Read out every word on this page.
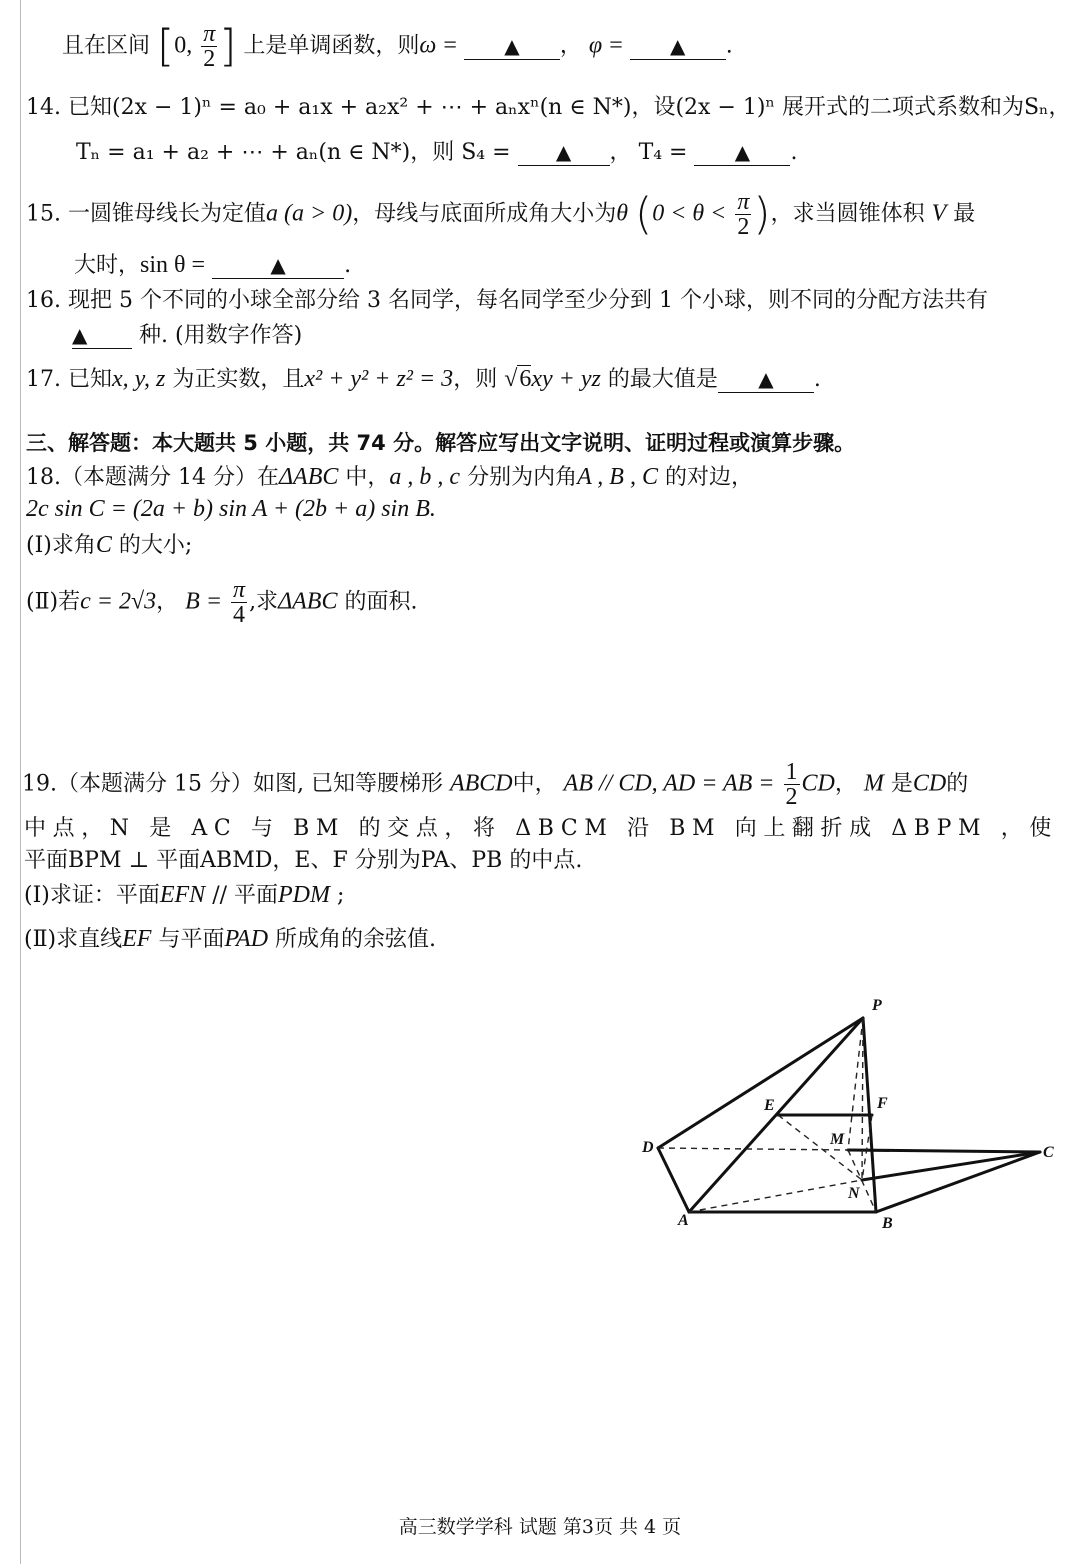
且在区间 [0, $\frac{\pi}{2}$ ] 上是单调函数，则ω = ▲ ， φ = ▲ .
14. 已知(2x − 1)ⁿ = a₀ + a₁x + a₂x² + ⋯ + aₙxⁿ(n ∈ N*)，设(2x − 1)ⁿ 展开式的二项式系数和为Sₙ，
Tₙ = a₁ + a₂ + ⋯ + aₙ(n ∈ N*)，则 S₄ = ▲ ， T₄ = ▲ .
15. 一圆锥母线长为定值a (a > 0)，母线与底面所成角大小为θ ($0 < \theta < \frac{\pi}{2}$ )，求当圆锥体积 V 最
大时，sin θ =	▲	.
16. 现把 5 个不同的小球全部分给 3 名同学，每名同学至少分到 1 个小球，则不同的分配方法共有
▲ 种. (用数字作答)
17. 已知x, y, z 为正实数，且x² + y² + z² = 3，则 √6xy + yz 的最大值是 ▲ .
三、解答题：本大题共 5 小题，共 74 分。解答应写出文字说明、证明过程或演算步骤。
18.（本题满分 14 分）在ΔABC 中，a , b , c 分别为内角A , B , C 的对边，
2c sin C = (2a + b) sin A + (2b + a) sin B.
(Ⅰ)求角C 的大小;
(Ⅱ)若c = 2√3， $B = \frac{\pi}{4}$ ,求ΔABC 的面积.
19.（本题满分 15 分）如图, 已知等腰梯形 ABCD中， AB // CD, AD = AB = $\frac{1}{2}$ CD， M 是CD的
中点，N 是 AC 与 BM 的交点，将 ΔBCM 沿 BM 向上翻折成 ΔBPM ，使
平面BPM ⊥ 平面ABMD，E、F 分别为PA、PB 的中点.
(Ⅰ)求证：平面EFN // 平面PDM ;
(Ⅱ)求直线EF 与平面PAD 所成角的余弦值.
P
E	F
D	M
C
N
A	B
高三数学学科 试题 第3页 共 4 页
